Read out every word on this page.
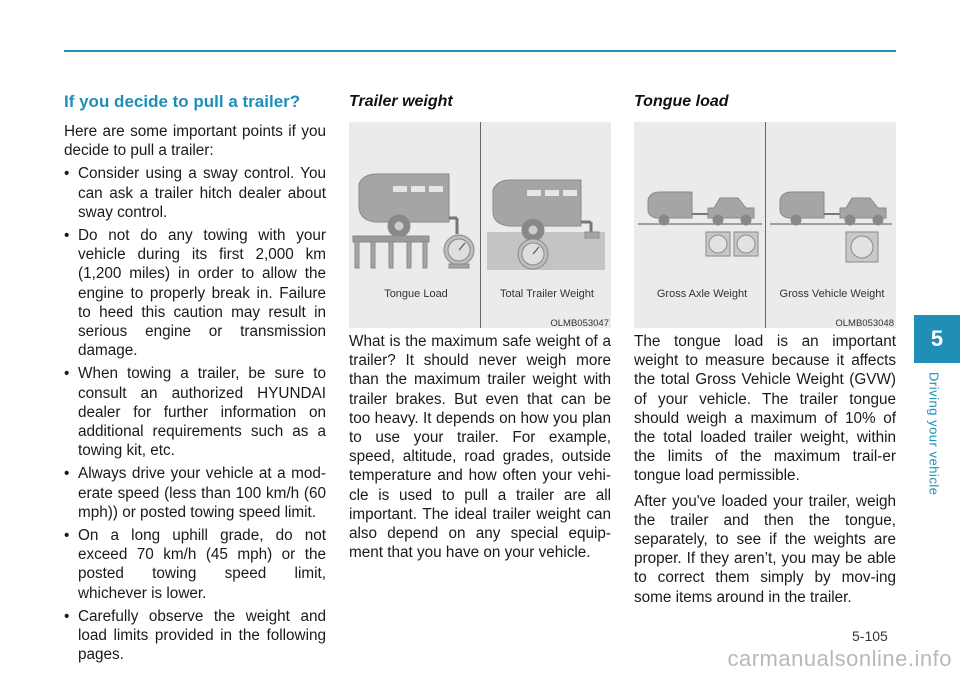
5
Driving your vehicle
If you decide to pull a trailer?

Here are some important points if you decide to pull a trailer:

• Consider using a sway control. You can ask a trailer hitch dealer about sway control.
• Do not do any towing with your vehicle during its first 2,000 km (1,200 miles) in order to allow the engine to properly break in. Failure to heed this caution may result in serious engine or transmission damage.
• When towing a trailer, be sure to consult an authorized HYUNDAI dealer for further information on additional requirements such as a towing kit, etc.
• Always drive your vehicle at a mod-erate speed (less than 100 km/h (60 mph)) or posted towing speed limit.
• On a long uphill grade, do not exceed 70 km/h (45 mph) or the posted towing speed limit, whichever is lower.
• Carefully observe the weight and load limits provided in the following pages.
Trailer weight
Tongue Load	Total Trailer Weight
OLMB053047

What is the maximum safe weight of a trailer? It should never weigh more than the maximum trailer weight with trailer brakes. But even that can be too heavy. It depends on how you plan to use your trailer. For example, speed, altitude, road grades, outside temperature and how often your vehi-cle is used to pull a trailer are all important. The ideal trailer weight can also depend on any special equip-ment that you have on your vehicle.

Tongue load
Gross Axle Weight	Gross Vehicle Weight
OLMB053048

The tongue load is an important weight to measure because it affects the total Gross Vehicle Weight (GVW) of your vehicle. The trailer tongue should weigh a maximum of 10% of the total loaded trailer weight, within the limits of the maximum trail-er tongue load permissible.

After you've loaded your trailer, weigh the trailer and then the tongue, separately, to see if the weights are proper. If they aren’t, you may be able to correct them simply by mov-ing some items around in the trailer.

5-105
carmanualsonline.info
